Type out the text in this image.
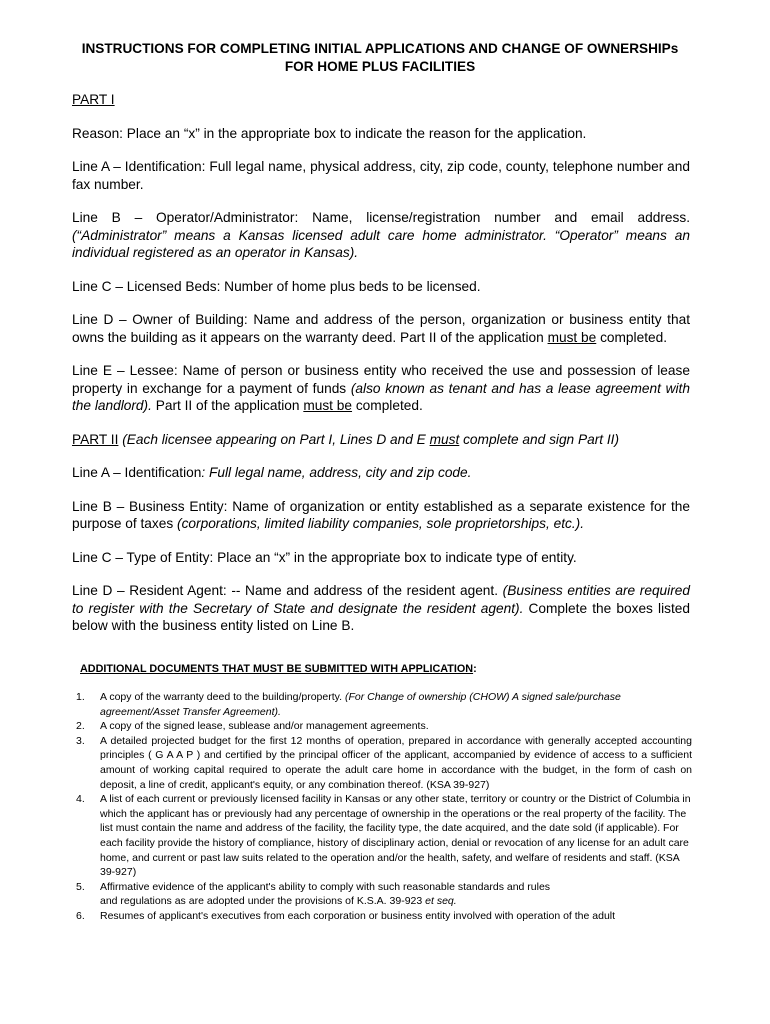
INSTRUCTIONS FOR COMPLETING INITIAL APPLICATIONS AND CHANGE OF OWNERSHIPs
FOR HOME PLUS FACILITIES

PART I

Reason: Place an “x” in the appropriate box to indicate the reason for the application.

Line A – Identification: Full legal name, physical address, city, zip code, county, telephone number and fax number.

Line B – Operator/Administrator: Name, license/registration number and email address. (“Administrator” means a Kansas licensed adult care home administrator. “Operator” means an individual registered as an operator in Kansas).

Line C – Licensed Beds: Number of home plus beds to be licensed.

Line D – Owner of Building: Name and address of the person, organization or business entity that owns the building as it appears on the warranty deed. Part II of the application must be completed.

Line E – Lessee: Name of person or business entity who received the use and possession of lease property in exchange for a payment of funds (also known as tenant and has a lease agreement with the landlord). Part II of the application must be completed.

PART II (Each licensee appearing on Part I, Lines D and E must complete and sign Part II)

Line A – Identification: Full legal name, address, city and zip code.

Line B – Business Entity: Name of organization or entity established as a separate existence for the purpose of taxes (corporations, limited liability companies, sole proprietorships, etc.).

Line C – Type of Entity: Place an “x” in the appropriate box to indicate type of entity.

Line D – Resident Agent: -- Name and address of the resident agent. (Business entities are required to register with the Secretary of State and designate the resident agent). Complete the boxes listed below with the business entity listed on Line B.

ADDITIONAL DOCUMENTS THAT MUST BE SUBMITTED WITH APPLICATION:
1.	A copy of the warranty deed to the building/property. (For Change of ownership (CHOW) A signed sale/purchase agreement/Asset Transfer Agreement).
2.	A copy of the signed lease, sublease and/or management agreements.
3.	A detailed projected budget for the first 12 months of operation, prepared in accordance with generally accepted accounting principles ( G A A P ) and certified by the principal officer of the applicant, accompanied by evidence of access to a sufficient amount of working capital required to operate the adult care home in accordance with the budget, in the form of cash on deposit, a line of credit, applicant's equity, or any combination thereof. (KSA 39-927)
4.	A list of each current or previously licensed facility in Kansas or any other state, territory or country or the District of Columbia in which the applicant has or previously had any percentage of ownership in the operations or the real property of the facility. The list must contain the name and address of the facility, the facility type, the date acquired, and the date sold (if applicable). For each facility provide the history of compliance, history of disciplinary action, denial or revocation of any license for an adult care home, and current or past law suits related to the operation and/or the health, safety, and welfare of residents and staff. (KSA 39-927)
5.	Affirmative evidence of the applicant's ability to comply with such reasonable standards and rules and regulations as are adopted under the provisions of K.S.A. 39-923 et seq.
6.	Resumes of applicant's executives from each corporation or business entity involved with operation of the adult
